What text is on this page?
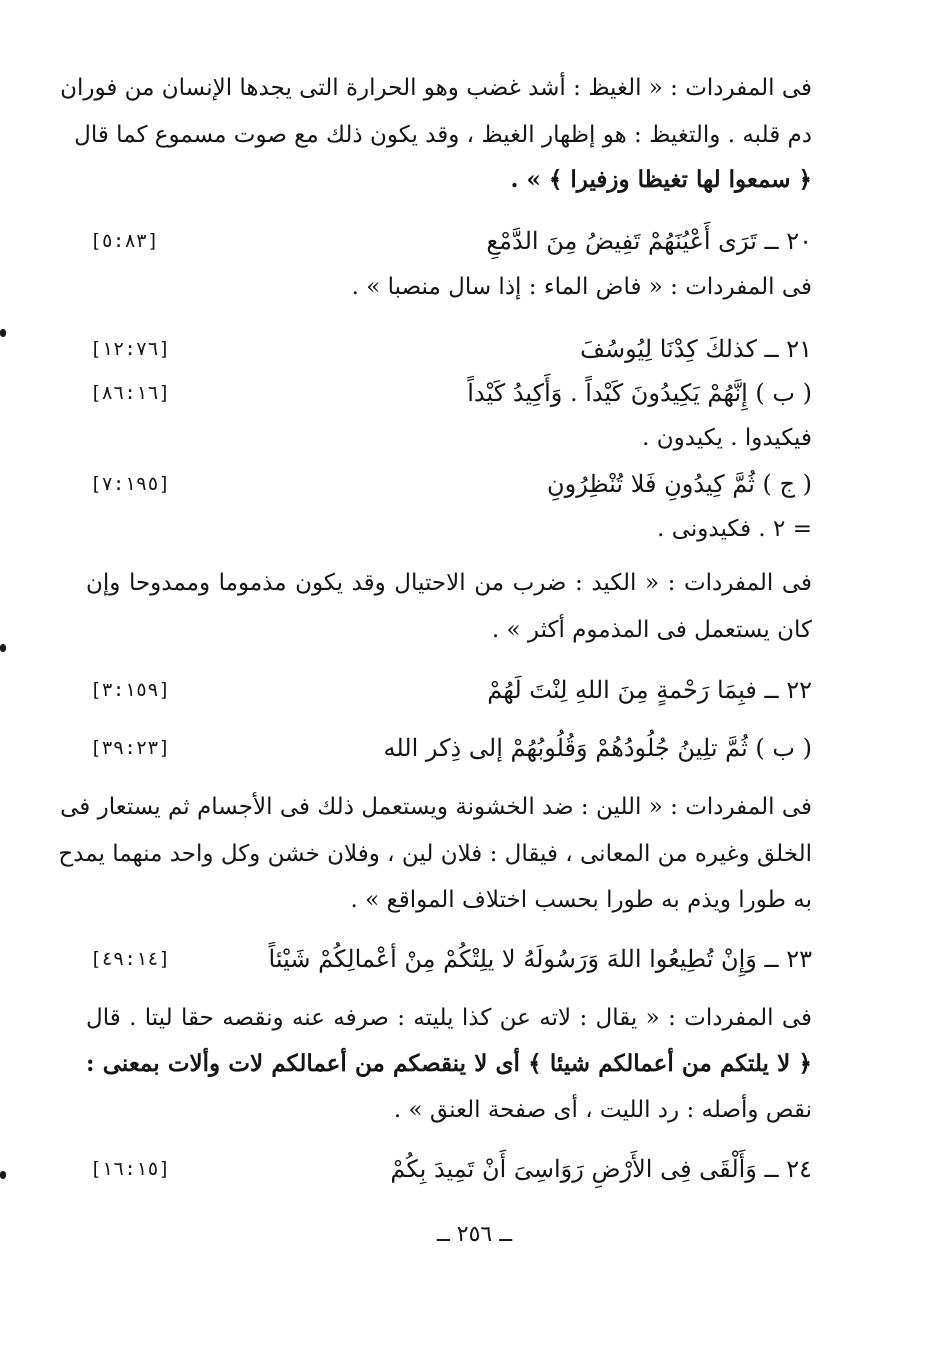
فى المفردات : « الغيظ : أشد غضب وهو الحرارة التى يجدها الإنسان من فوران
دم قلبه . والتغيظ : هو إظهار الغيظ ، وقد يكون ذلك مع صوت مسموع كما قال
﴿ سمعوا لها تغيظا وزفيرا ﴾ » .
٢٠ ــ تَرَى أَعْيُنَهُمْ تَفِيضُ مِنَ الدَّمْعِ
[٥:٨٣]
فى المفردات : « فاض الماء : إذا سال منصبا » .
٢١ ــ كذلكَ كِدْنَا لِيُوسُفَ
[١٢:٧٦]
( ب ) إِنَّهُمْ يَكِيدُونَ كَيْداً . وَأَكِيدُ كَيْداً
[٨٦:١٦]
فيكيدوا . يكيدون .
( ج ) ثُمَّ كِيدُونِ فَلا تُنْظِرُونِ
[٧:١٩٥]
= ٢ . فكيدونى .
فى المفردات : « الكيد : ضرب من الاحتيال وقد يكون مذموما وممدوحا وإن
كان يستعمل فى المذموم أكثر » .
٢٢ ــ فبِمَا رَحْمةٍ مِنَ اللهِ لِنْتَ لَهُمْ
[٣:١٥٩]
( ب ) ثُمَّ تلِينُ جُلُودُهُمْ وَقُلُوبُهُمْ إلى ذِكر الله
[٣٩:٢٣]
فى المفردات : « اللين : ضد الخشونة ويستعمل ذلك فى الأجسام ثم يستعار فى
الخلق وغيره من المعانى ، فيقال : فلان لين ، وفلان خشن وكل واحد منهما يمدح
به طورا ويذم به طورا بحسب اختلاف المواقع » .
٢٣ ــ وَإِنْ تُطِيعُوا اللهَ وَرَسُولَهُ لا يلِتْكُمْ مِنْ أعْمالِكُمْ شَيْئاً
[٤٩:١٤]
فى المفردات : « يقال : لاته عن كذا يليته : صرفه عنه ونقصه حقا ليتا . قال
﴿ لا يلتكم من أعمالكم شيئا ﴾ أى لا ينقصكم من أعمالكم لات وألات بمعنى :
نقص وأصله : رد الليت ، أى صفحة العنق » .
٢٤ ــ وَأَلْقَى فِى الأَرْضِ رَوَاسِىَ أَنْ تَمِيدَ بِكُمْ
[١٦:١٥]
ــ ٢٥٦ ــ
